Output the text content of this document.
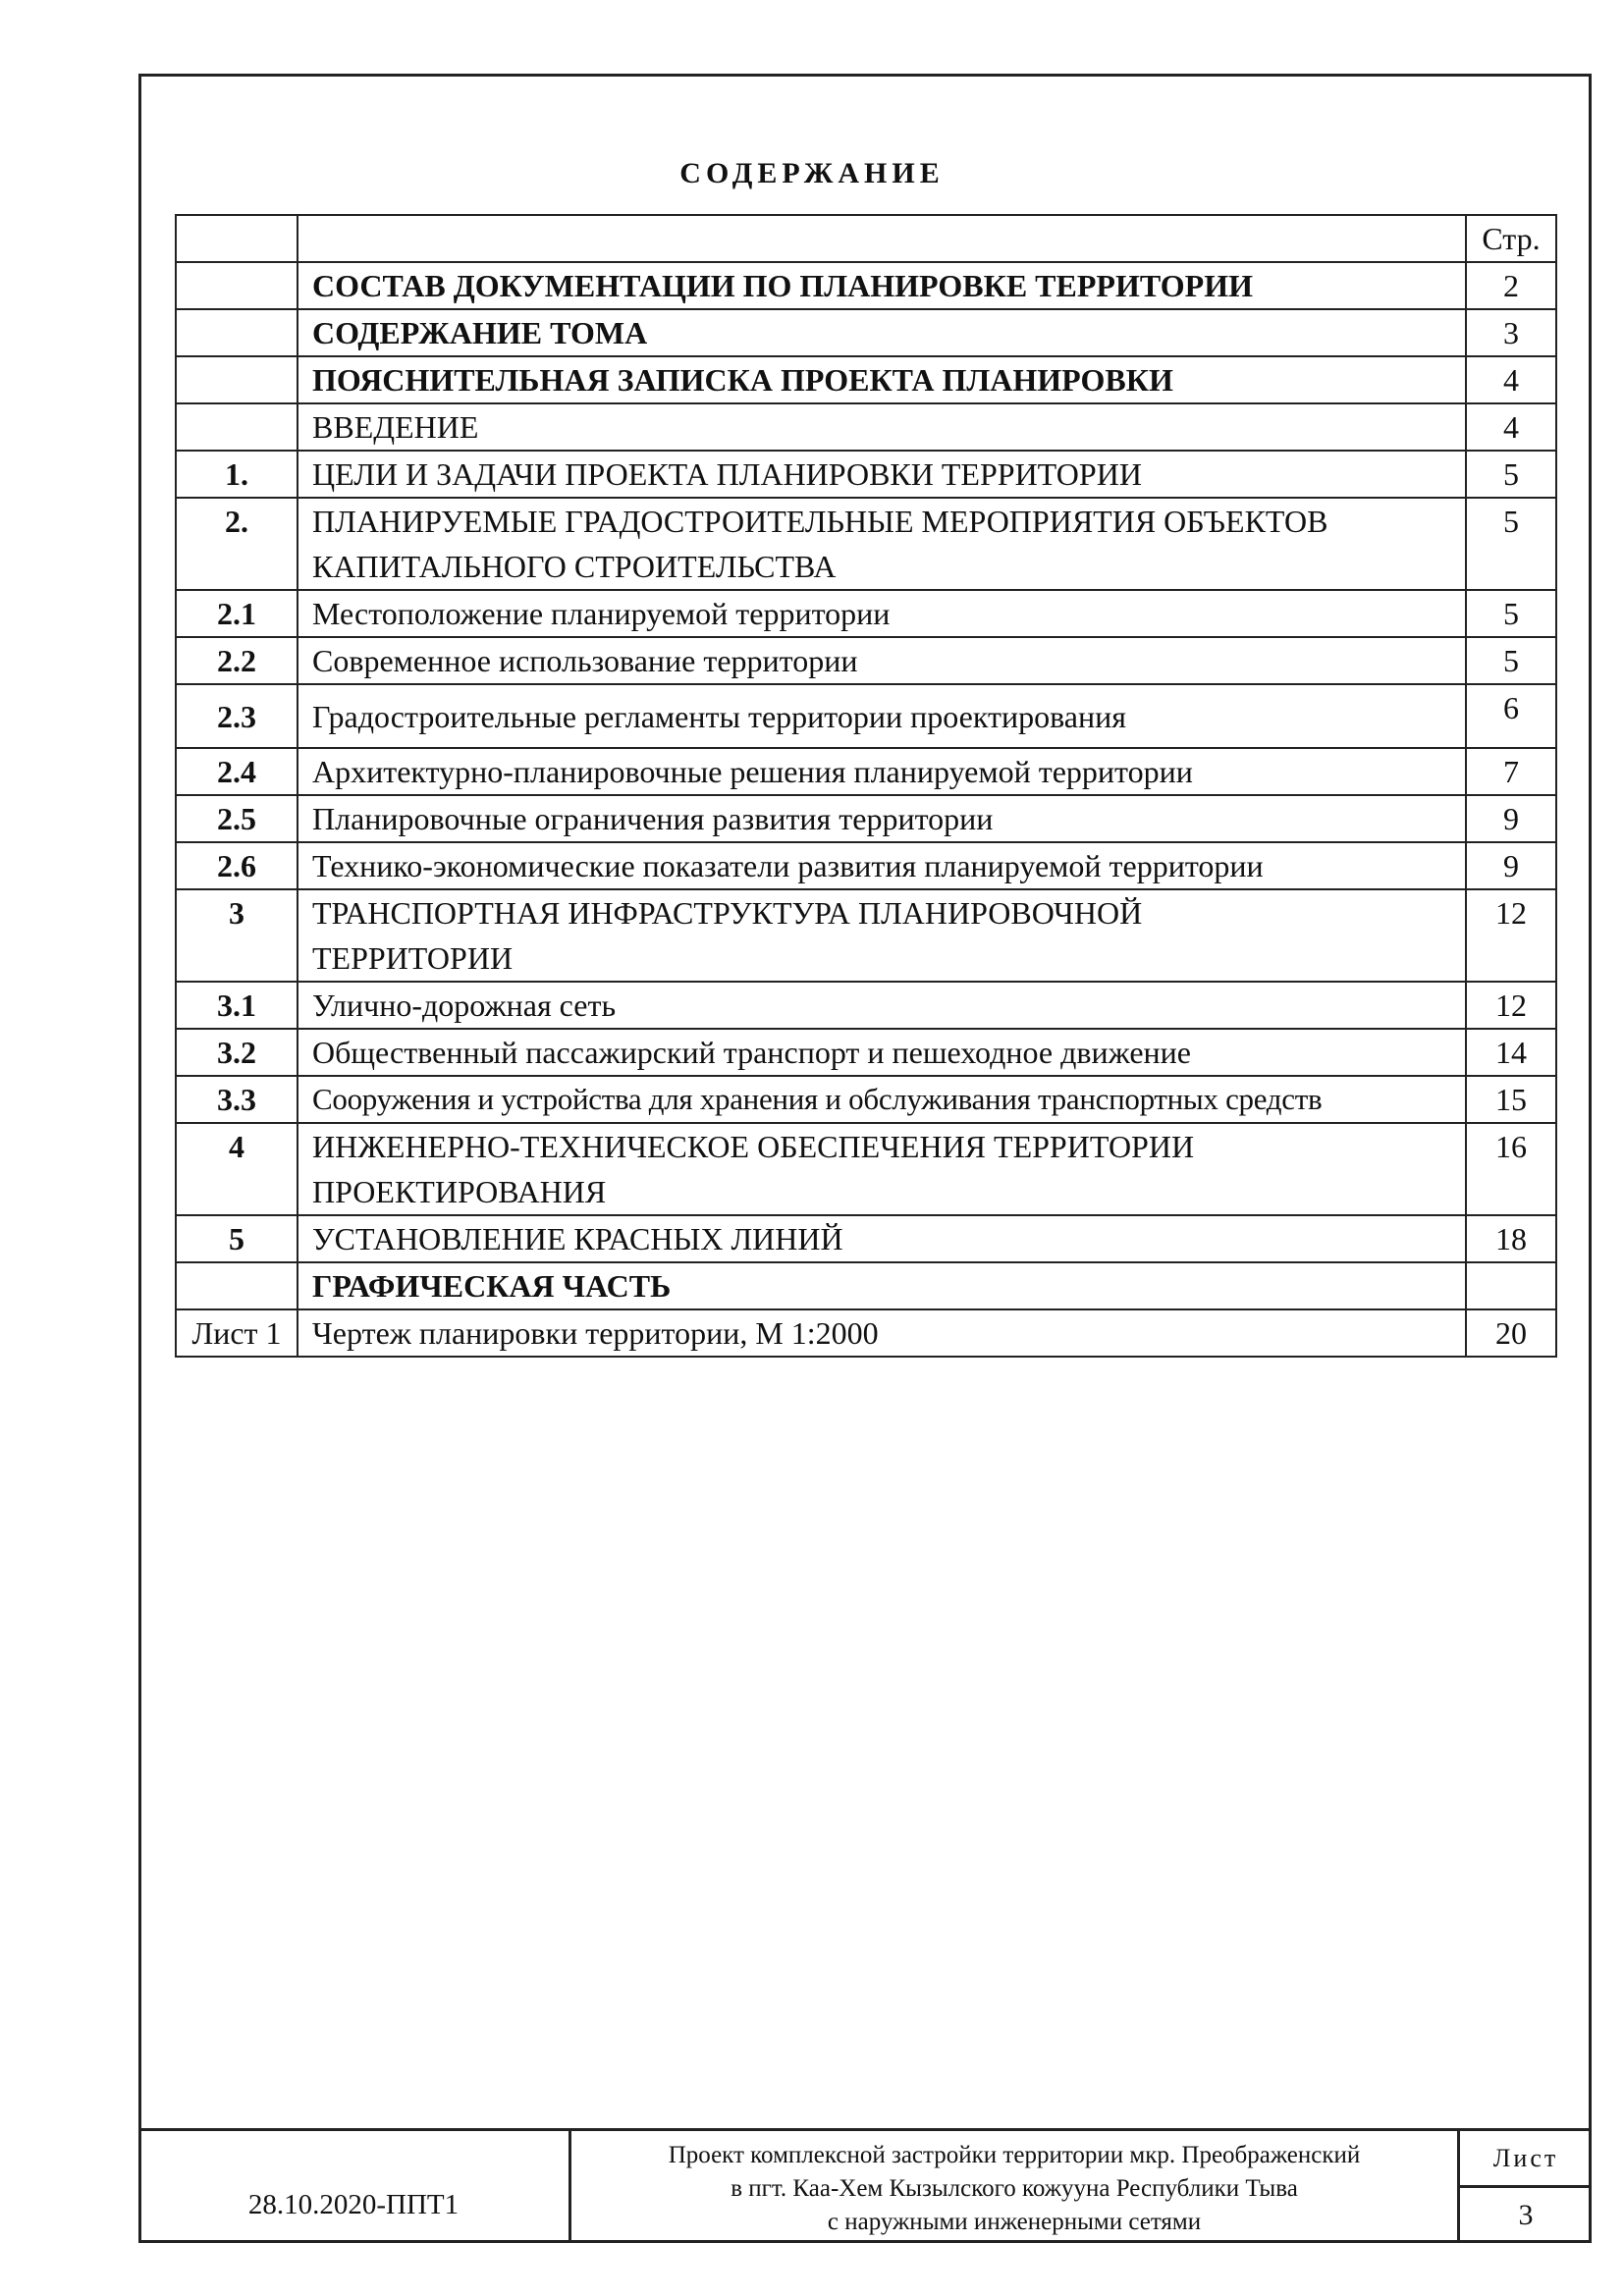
СОДЕРЖАНИЕ
		Стр.
	СОСТАВ ДОКУМЕНТАЦИИ ПО ПЛАНИРОВКЕ ТЕРРИТОРИИ	2
	СОДЕРЖАНИЕ ТОМА	3
	ПОЯСНИТЕЛЬНАЯ ЗАПИСКА ПРОЕКТА ПЛАНИРОВКИ	4
	ВВЕДЕНИЕ	4
1.	ЦЕЛИ И ЗАДАЧИ ПРОЕКТА ПЛАНИРОВКИ ТЕРРИТОРИИ	5
2.	ПЛАНИРУЕМЫЕ ГРАДОСТРОИТЕЛЬНЫЕ МЕРОПРИЯТИЯ ОБЪЕКТОВ
КАПИТАЛЬНОГО СТРОИТЕЛЬСТВА	5
2.1	Местоположение планируемой территории	5
2.2	Современное использование территории	5
2.3	Градостроительные регламенты территории проектирования	6
2.4	Архитектурно-планировочные решения планируемой территории	7
2.5	Планировочные ограничения развития территории	9
2.6	Технико-экономические показатели развития планируемой территории	9
3	ТРАНСПОРТНАЯ ИНФРАСТРУКТУРА ПЛАНИРОВОЧНОЙ
ТЕРРИТОРИИ	12
3.1	Улично-дорожная сеть	12
3.2	Общественный пассажирский транспорт и пешеходное движение	14
3.3	Сооружения и устройства для хранения и обслуживания транспортных средств	15
4	ИНЖЕНЕРНО-ТЕХНИЧЕСКОЕ ОБЕСПЕЧЕНИЯ ТЕРРИТОРИИ
ПРОЕКТИРОВАНИЯ	16
5	УСТАНОВЛЕНИЕ КРАСНЫХ ЛИНИЙ	18
	ГРАФИЧЕСКАЯ ЧАСТЬ	
Лист 1	Чертеж планировки территории, М 1:2000	20
28.10.2020-ППТ1
Проект комплексной застройки территории мкр. Преображенский
в пгт. Каа-Хем Кызылского кожууна Республики Тыва
с наружными инженерными сетями
Лист
3
